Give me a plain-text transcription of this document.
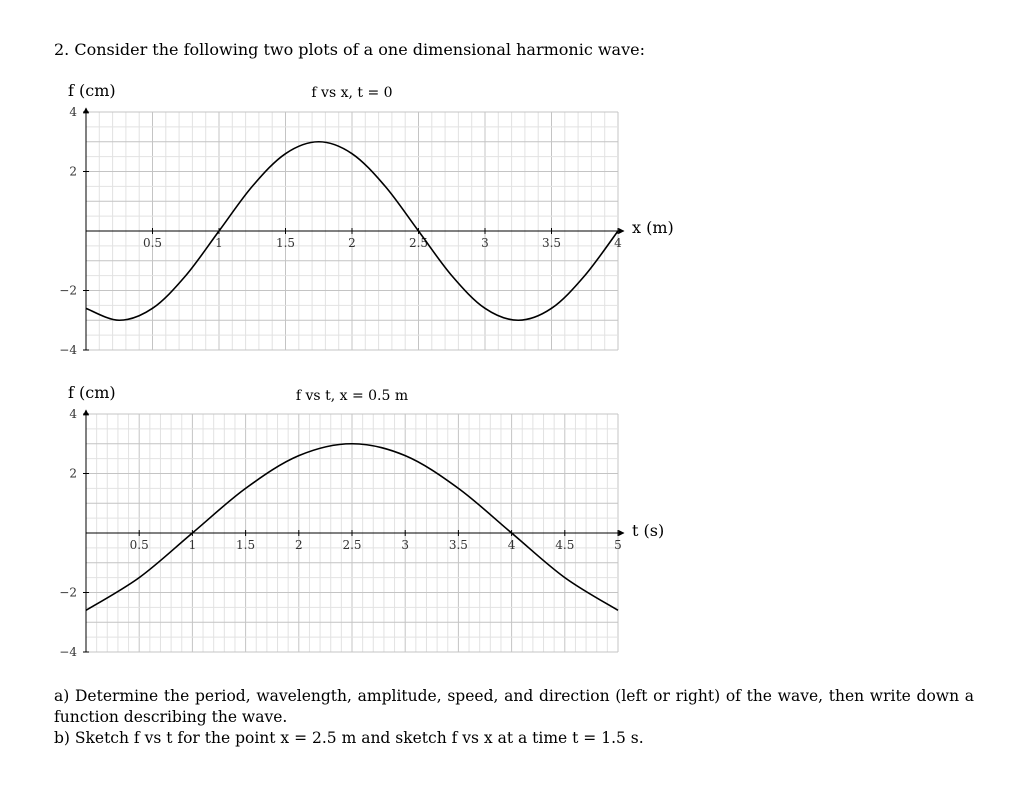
2. Consider the following two plots of a one dimensional harmonic wave:
0.5	1	1.5	2	2.5	3	3.5	4
4
2
−2
−4
f (cm)
x (m)
f vs x, t = 0
0.5	1	1.5	2	2.5	3	3.5	4	4.5	5
4
2
−2
−4
f (cm)
t (s)
f vs t, x = 0.5 m

a) Determine the period, wavelength, amplitude, speed, and direction (left or right) of the wave, then write down a function describing the wave.

b) Sketch f vs t for the point x = 2.5 m and sketch f vs x at a time t = 1.5 s.
